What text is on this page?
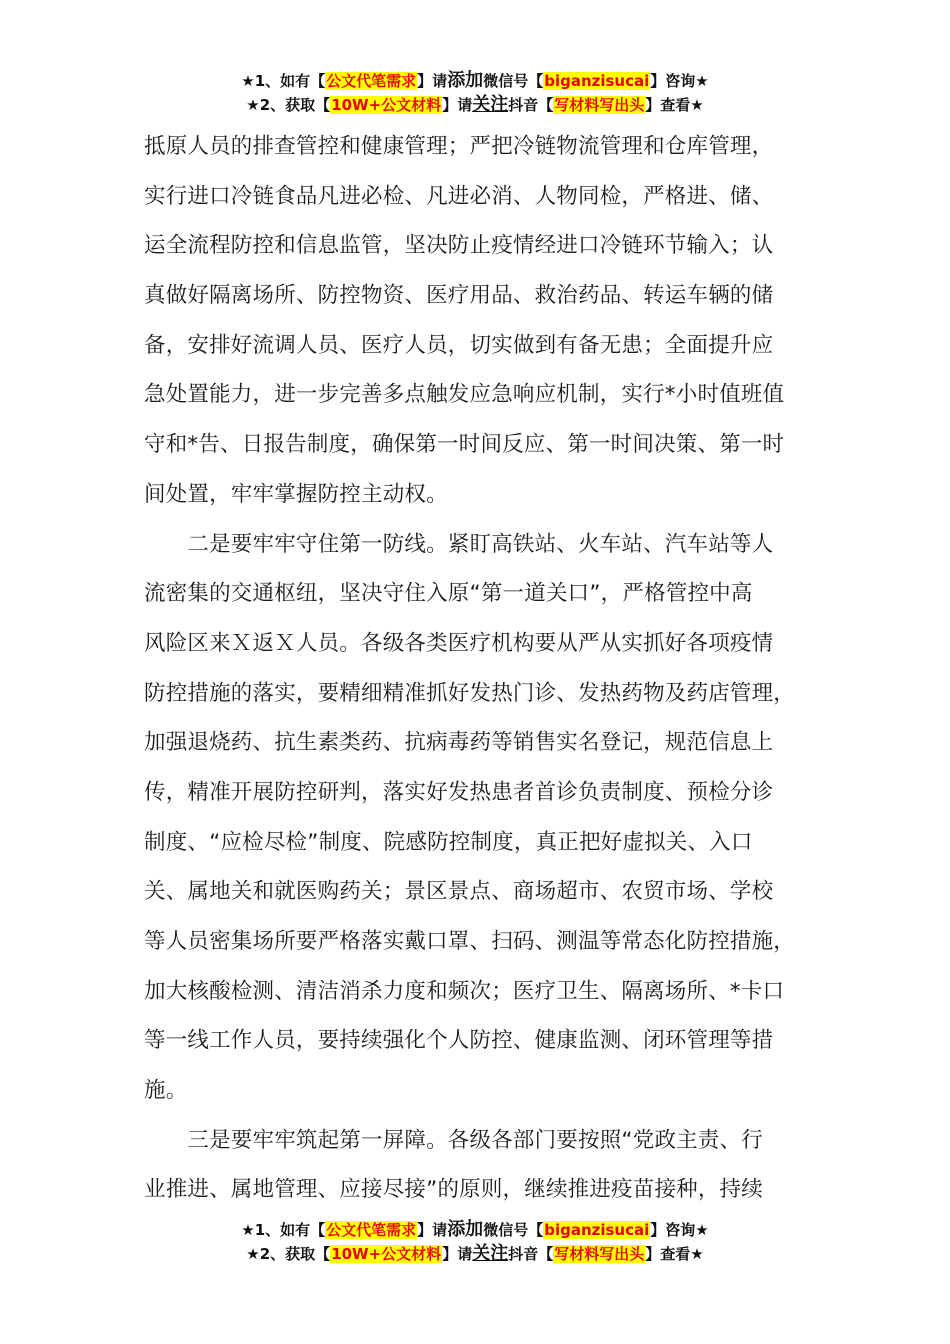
★1、如有【公文代笔需求】请添加微信号【biganzisucai】咨询★
★2、获取【10W+公文材料】请关注抖音【写材料写出头】查看★
抵原人员的排查管控和健康管理；严把冷链物流管理和仓库管理，
实行进口冷链食品凡进必检、凡进必消、人物同检，严格进、储、
运全流程防控和信息监管，坚决防止疫情经进口冷链环节输入；认
真做好隔离场所、防控物资、医疗用品、救治药品、转运车辆的储
备，安排好流调人员、医疗人员，切实做到有备无患；全面提升应
急处置能力，进一步完善多点触发应急响应机制，实行*小时值班值
守和*告、日报告制度，确保第一时间反应、第一时间决策、第一时
间处置，牢牢掌握防控主动权。
　　二是要牢牢守住第一防线。紧盯高铁站、火车站、汽车站等人
流密集的交通枢纽，坚决守住入原“第一道关口”，严格管控中高
风险区来Ｘ返Ｘ人员。各级各类医疗机构要从严从实抓好各项疫情
防控措施的落实，要精细精准抓好发热门诊、发热药物及药店管理，
加强退烧药、抗生素类药、抗病毒药等销售实名登记，规范信息上
传，精准开展防控研判，落实好发热患者首诊负责制度、预检分诊
制度、“应检尽检”制度、院感防控制度，真正把好虚拟关、入口
关、属地关和就医购药关；景区景点、商场超市、农贸市场、学校
等人员密集场所要严格落实戴口罩、扫码、测温等常态化防控措施，
加大核酸检测、清洁消杀力度和频次；医疗卫生、隔离场所、*卡口
等一线工作人员，要持续强化个人防控、健康监测、闭环管理等措
施。
　　三是要牢牢筑起第一屏障。各级各部门要按照“党政主责、行
业推进、属地管理、应接尽接”的原则，继续推进疫苗接种，持续
★1、如有【公文代笔需求】请添加微信号【biganzisucai】咨询★
★2、获取【10W+公文材料】请关注抖音【写材料写出头】查看★
